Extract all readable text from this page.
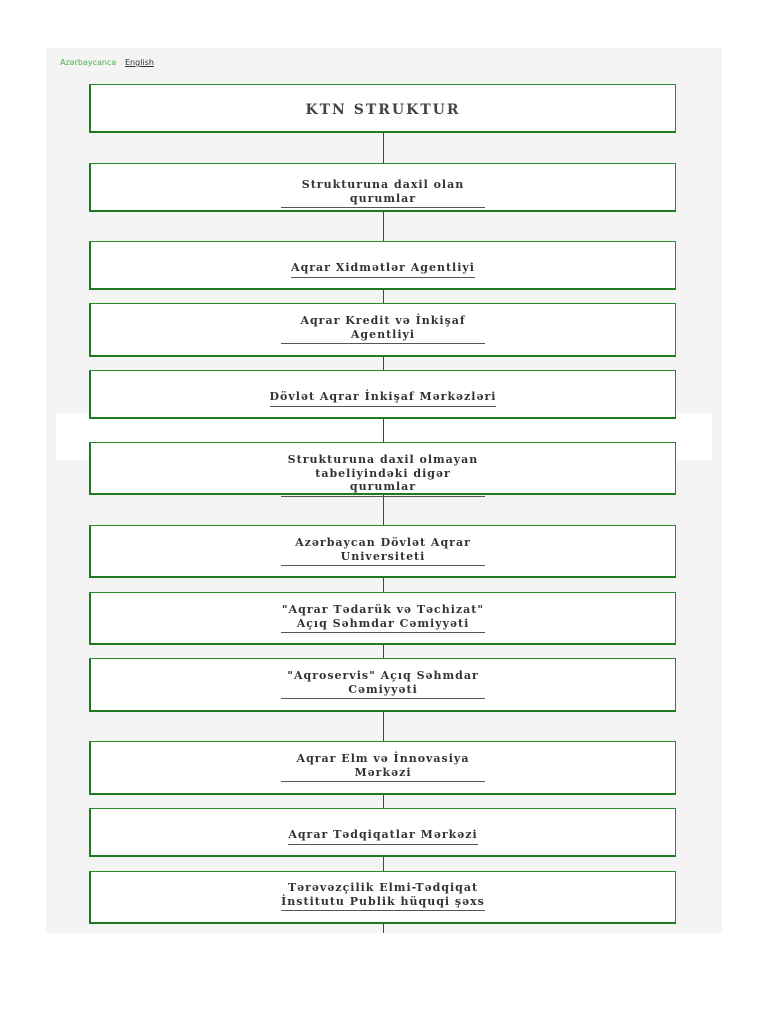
Azərbaycanca English
KTN STRUKTUR
Strukturuna daxil olan qurumlar
Aqrar Xidmətlər Agentliyi
Aqrar Kredit və İnkişaf
Agentliyi
Dövlət Aqrar İnkişaf Mərkəzləri
Strukturuna daxil olmayan
tabeliyindəki digər qurumlar
Azərbaycan Dövlət Aqrar
Universiteti
"Aqrar Tədarük və Təchizat"
Açıq Səhmdar Cəmiyyəti
"Aqroservis" Açıq Səhmdar
Cəmiyyəti
Aqrar Elm və İnnovasiya
Mərkəzi
Aqrar Tədqiqatlar Mərkəzi
Tərəvəzçilik Elmi-Tədqiqat
İnstitutu Publik hüquqi şəxs
